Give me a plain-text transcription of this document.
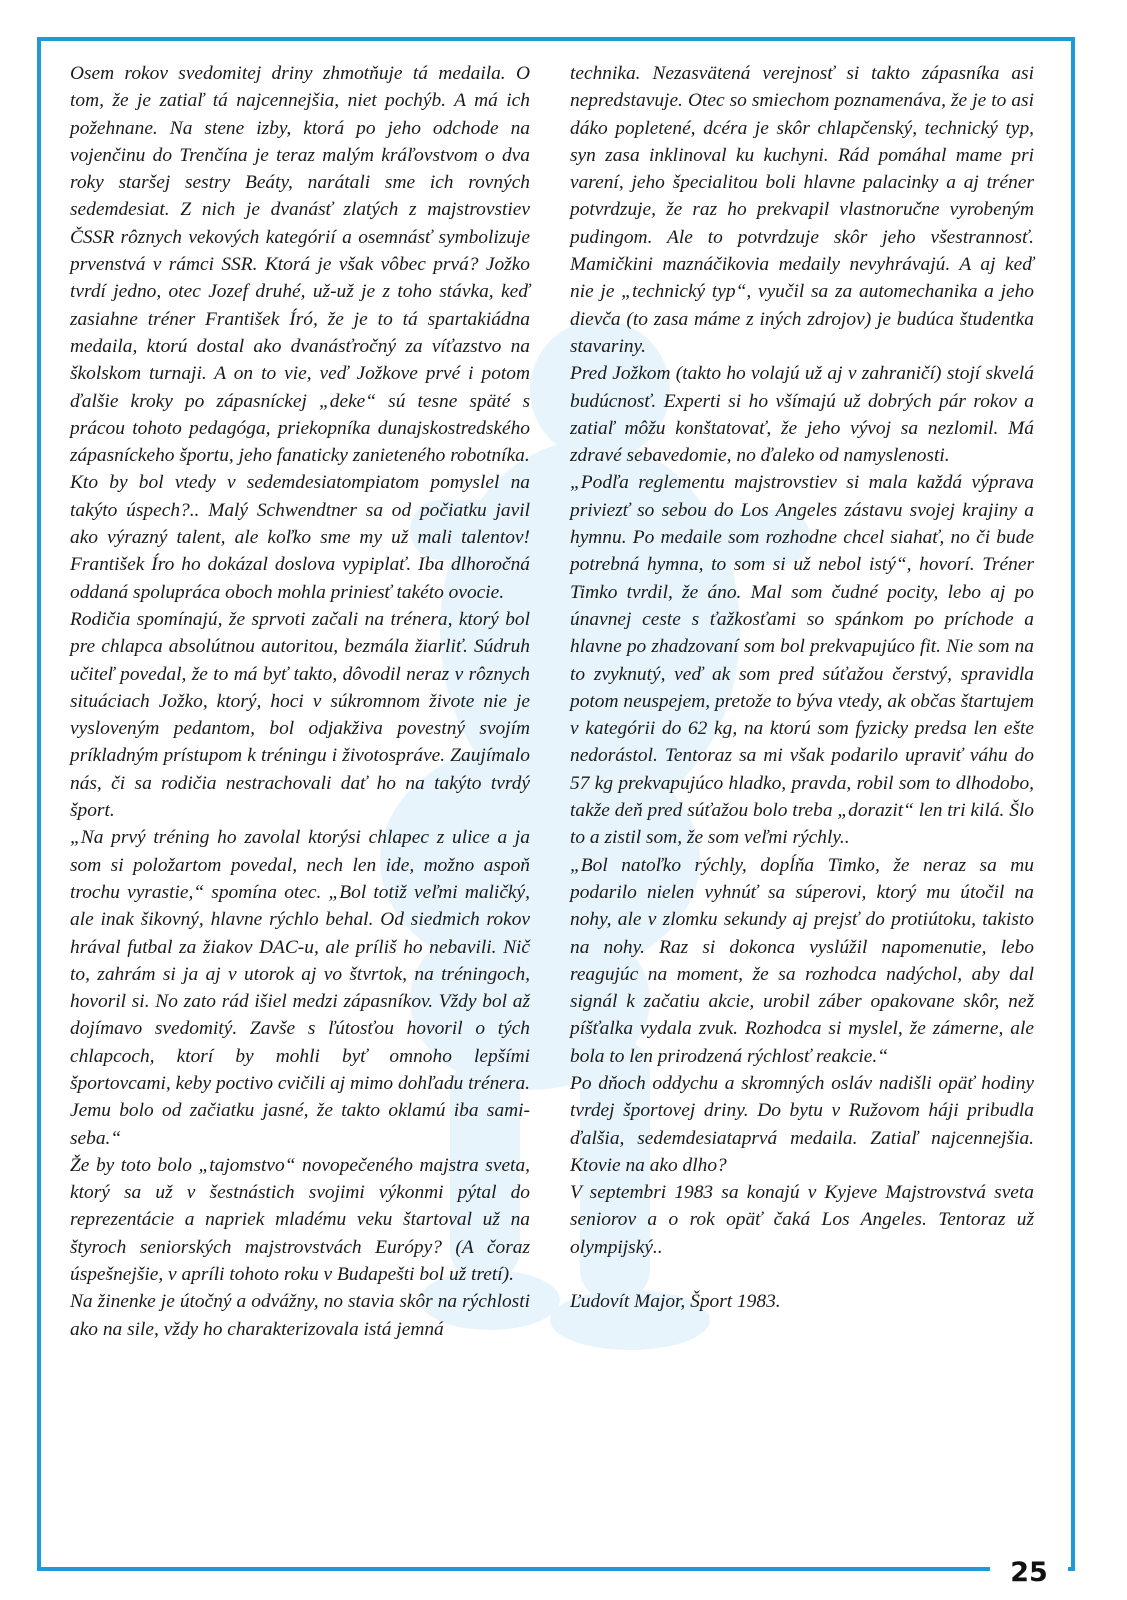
Osem rokov svedomitej driny zhmotňuje tá medaila. O tom, že je zatiaľ tá najcennejšia, niet pochýb. A má ich požehnane. Na stene izby, ktorá po jeho odchode na vojenčinu do Trenčína je teraz malým kráľovstvom o dva roky staršej sestry Beáty, narátali sme ich rovných sedemdesiat. Z nich je dvanásť zlatých z majstrovstiev ČSSR rôznych vekových kategórií a osemnásť symbolizuje prvenstvá v rámci SSR. Ktorá je však vôbec prvá? Jožko tvrdí jedno, otec Jozef druhé, už-už je z toho stávka, keď zasiahne tréner František Író, že je to tá spartakiádna medaila, ktorú dostal ako dvanásťročný za víťazstvo na školskom turnaji. A on to vie, veď Jožkove prvé i potom ďalšie kroky po zápasníckej „deke“ sú tesne späté s prácou tohoto pedagóga, priekopníka dunajskostredského zápasníckeho športu, jeho fanaticky zanieteného robotníka.

Kto by bol vtedy v sedemdesiatompiatom pomyslel na takýto úspech?.. Malý Schwendtner sa od počiatku javil ako výrazný talent, ale koľko sme my už mali talentov! František Íro ho dokázal doslova vypiplať. Iba dlhoročná oddaná spolupráca oboch mohla priniesť takéto ovocie.

Rodičia spomínajú, že sprvoti začali na trénera, ktorý bol pre chlapca absolútnou autoritou, bezmála žiarliť. Súdruh učiteľ povedal, že to má byť takto, dôvodil neraz v rôznych situáciach Jožko, ktorý, hoci v súkromnom živote nie je vysloveným pedantom, bol odjakživa povestný svojím príkladným prístupom k tréningu i životospráve. Zaujímalo nás, či sa rodičia nestrachovali dať ho na takýto tvrdý šport.

„Na prvý tréning ho zavolal ktorýsi chlapec z ulice a ja som si položartom povedal, nech len ide, možno aspoň trochu vyrastie,“ spomína otec. „Bol totiž veľmi maličký, ale inak šikovný, hlavne rýchlo behal. Od siedmich rokov hrával futbal za žiakov DAC-u, ale príliš ho nebavili. Nič to, zahrám si ja aj v utorok aj vo štvrtok, na tréningoch, hovoril si. No zato rád išiel medzi zápasníkov. Vždy bol až dojímavo svedomitý. Zavše s ľútosťou hovoril o tých chlapcoch, ktorí by mohli byť omnoho lepšími športovcami, keby poctivo cvičili aj mimo dohľadu trénera. Jemu bolo od začiatku jasné, že takto oklamú iba sami-seba.“

Že by toto bolo „tajomstvo“ novopečeného majstra sveta, ktorý sa už v šestnástich svojimi výkonmi pýtal do reprezentácie a napriek mladému veku štartoval už na štyroch seniorských majstrovstvách Európy? (A čoraz úspešnejšie, v apríli tohoto roku v Budapešti bol už tretí).

Na žinenke je útočný a odvážny, no stavia skôr na rýchlosti ako na sile, vždy ho charakterizovala istá jemná

technika. Nezasvätená verejnosť si takto zápasníka asi nepredstavuje. Otec so smiechom poznamenáva, že je to asi dáko popletené, dcéra je skôr chlapčenský, technický typ, syn zasa inklinoval ku kuchyni. Rád pomáhal mame pri varení, jeho špecialitou boli hlavne palacinky a aj tréner potvrdzuje, že raz ho prekvapil vlastnoručne vyrobeným pudingom. Ale to potvrdzuje skôr jeho všestrannosť. Mamičkini maznáčikovia medaily nevyhrávajú. A aj keď nie je „technický typ“, vyučil sa za automechanika a jeho dievča (to zasa máme z iných zdrojov) je budúca študentka stavariny.

Pred Jožkom (takto ho volajú už aj v zahraničí) stojí skvelá budúcnosť. Experti si ho všímajú už dobrých pár rokov a zatiaľ môžu konštatovať, že jeho vývoj sa nezlomil. Má zdravé sebavedomie, no ďaleko od namyslenosti.

„Podľa reglementu majstrovstiev si mala každá výprava priviezť so sebou do Los Angeles zástavu svojej krajiny a hymnu. Po medaile som rozhodne chcel siahať, no či bude potrebná hymna, to som si už nebol istý“, hovorí. Tréner Timko tvrdil, že áno. Mal som čudné pocity, lebo aj po únavnej ceste s ťažkosťami so spánkom po príchode a hlavne po zhadzovaní som bol prekvapujúco fit. Nie som na to zvyknutý, veď ak som pred súťažou čerstvý, spravidla potom neuspejem, pretože to býva vtedy, ak občas štartujem v kategórii do 62 kg, na ktorú som fyzicky predsa len ešte nedorástol. Tentoraz sa mi však podarilo upraviť váhu do 57 kg prekvapujúco hladko, pravda, robil som to dlhodobo, takže deň pred súťažou bolo treba „dorazit“ len tri kilá. Šlo to a zistil som, že som veľmi rýchly..

„Bol natoľko rýchly, dopĺňa Timko, že neraz sa mu podarilo nielen vyhnúť sa súperovi, ktorý mu útočil na nohy, ale v zlomku sekundy aj prejsť do protiútoku, takisto na nohy. Raz si dokonca vyslúžil napomenutie, lebo reagujúc na moment, že sa rozhodca nadýchol, aby dal signál k začatiu akcie, urobil záber opakovane skôr, než píšťalka vydala zvuk. Rozhodca si myslel, že zámerne, ale bola to len prirodzená rýchlosť reakcie.“

Po dňoch oddychu a skromných osláv nadišli opäť hodiny tvrdej športovej driny. Do bytu v Ružovom háji pribudla ďalšia, sedemdesiataprvá medaila. Zatiaľ najcennejšia. Ktovie na ako dlho?

V septembri 1983 sa konajú v Kyjeve Majstrovstvá sveta seniorov a o rok opäť čaká Los Angeles. Tentoraz už olympijský..

Ľudovít Major, Šport 1983.

25
